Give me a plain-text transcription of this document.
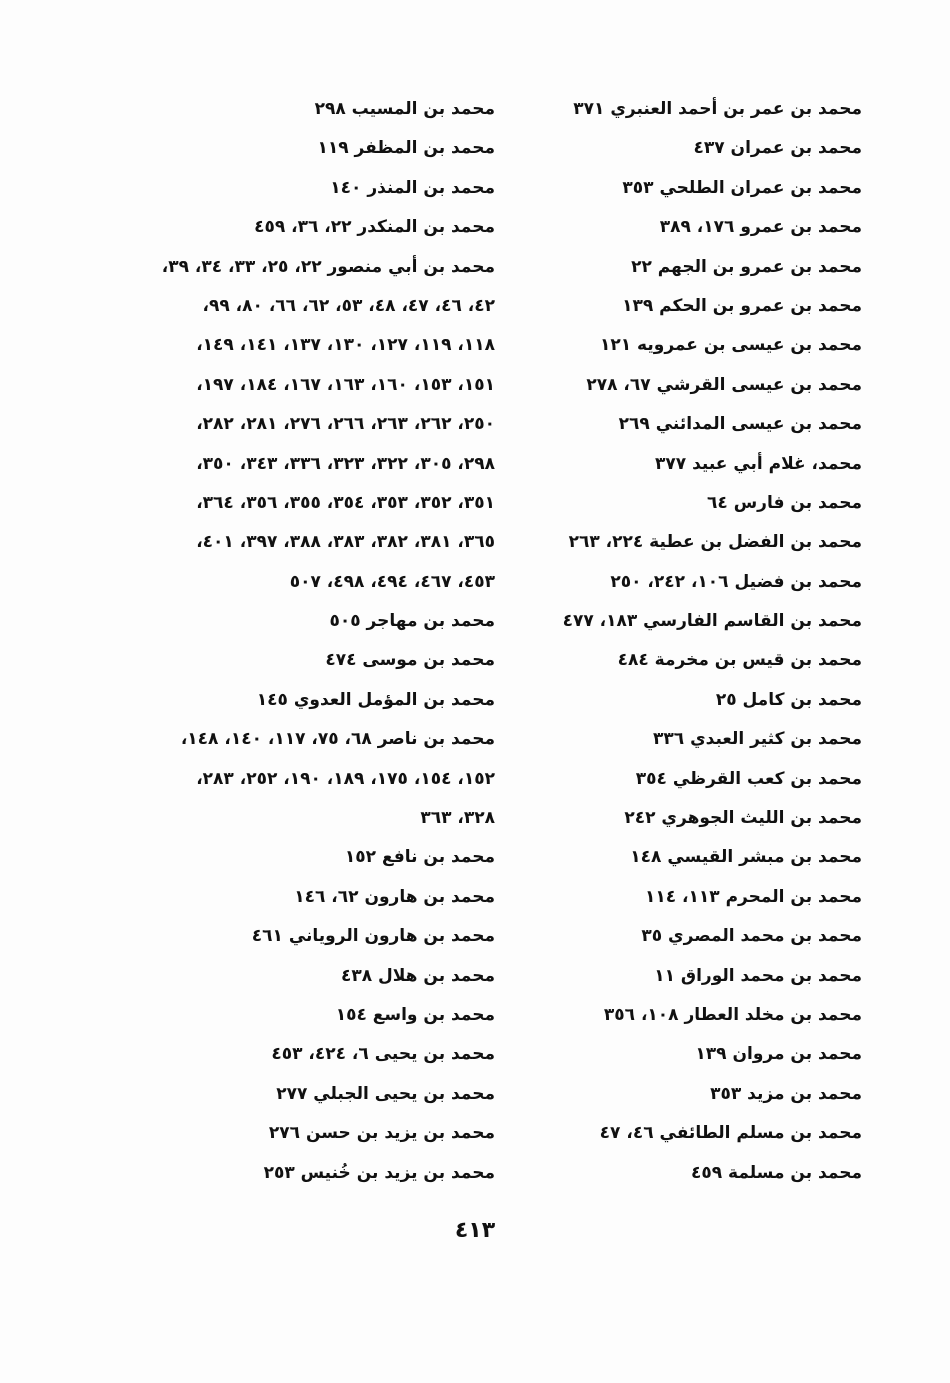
محمد بن عمر بن أحمد العنبري ٣٧١
محمد بن عمران ٤٣٧
محمد بن عمران الطلحي ٣٥٣
محمد بن عمرو ١٧٦، ٣٨٩
محمد بن عمرو بن الجهم ٢٢
محمد بن عمرو بن الحكم ١٣٩
محمد بن عيسى بن عمرويه ١٢١
محمد بن عيسى القرشي ٦٧، ٢٧٨
محمد بن عيسى المدائني ٢٦٩
محمد، غلام أبي عبيد ٣٧٧
محمد بن فارس ٦٤
محمد بن الفضل بن عطية ٢٢٤، ٢٦٣
محمد بن فضيل ١٠٦، ٢٤٢، ٢٥٠
محمد بن القاسم الفارسي ١٨٣، ٤٧٧
محمد بن قيس بن مخرمة ٤٨٤
محمد بن كامل ٢٥
محمد بن كثير العبدي ٣٣٦
محمد بن كعب القرظي ٣٥٤
محمد بن الليث الجوهري ٢٤٢
محمد بن مبشر القيسي ١٤٨
محمد بن المحرم ١١٣، ١١٤
محمد بن محمد المصري ٣٥
محمد بن محمد الوراق ١١
محمد بن مخلد العطار ١٠٨، ٣٥٦
محمد بن مروان ١٣٩
محمد بن مزيد ٣٥٣
محمد بن مسلم الطائفي ٤٦، ٤٧
محمد بن مسلمة ٤٥٩
محمد بن المسيب ٢٩٨
محمد بن المظفر ١١٩
محمد بن المنذر ١٤٠
محمد بن المنكدر ٢٢، ٣٦، ٤٥٩
محمد بن أبي منصور ٢٢، ٢٥، ٣٣، ٣٤، ٣٩،
٤٢، ٤٦، ٤٧، ٤٨، ٥٣، ٦٢، ٦٦، ٨٠، ٩٩،
١١٨، ١١٩، ١٢٧، ١٣٠، ١٣٧، ١٤١، ١٤٩،
١٥١، ١٥٣، ١٦٠، ١٦٣، ١٦٧، ١٨٤، ١٩٧،
٢٥٠، ٢٦٢، ٢٦٣، ٢٦٦، ٢٧٦، ٢٨١، ٢٨٢،
٢٩٨، ٣٠٥، ٣٢٢، ٣٢٣، ٣٣٦، ٣٤٣، ٣٥٠،
٣٥١، ٣٥٢، ٣٥٣، ٣٥٤، ٣٥٥، ٣٥٦، ٣٦٤،
٣٦٥، ٣٨١، ٣٨٢، ٣٨٣، ٣٨٨، ٣٩٧، ٤٠١،
٤٥٣، ٤٦٧، ٤٩٤، ٤٩٨، ٥٠٧
محمد بن مهاجر ٥٠٥
محمد بن موسى ٤٧٤
محمد بن المؤمل العدوي ١٤٥
محمد بن ناصر ٦٨، ٧٥، ١١٧، ١٤٠، ١٤٨،
١٥٢، ١٥٤، ١٧٥، ١٨٩، ١٩٠، ٢٥٢، ٢٨٣،
٣٢٨، ٣٦٣
محمد بن نافع ١٥٢
محمد بن هارون ٦٢، ١٤٦
محمد بن هارون الروياني ٤٦١
محمد بن هلال ٤٣٨
محمد بن واسع ١٥٤
محمد بن يحيى ٦، ٤٢٤، ٤٥٣
محمد بن يحيى الجبلي ٢٧٧
محمد بن يزيد بن حسن ٢٧٦
محمد بن يزيد بن خُنيس ٢٥٣
٤١٣
